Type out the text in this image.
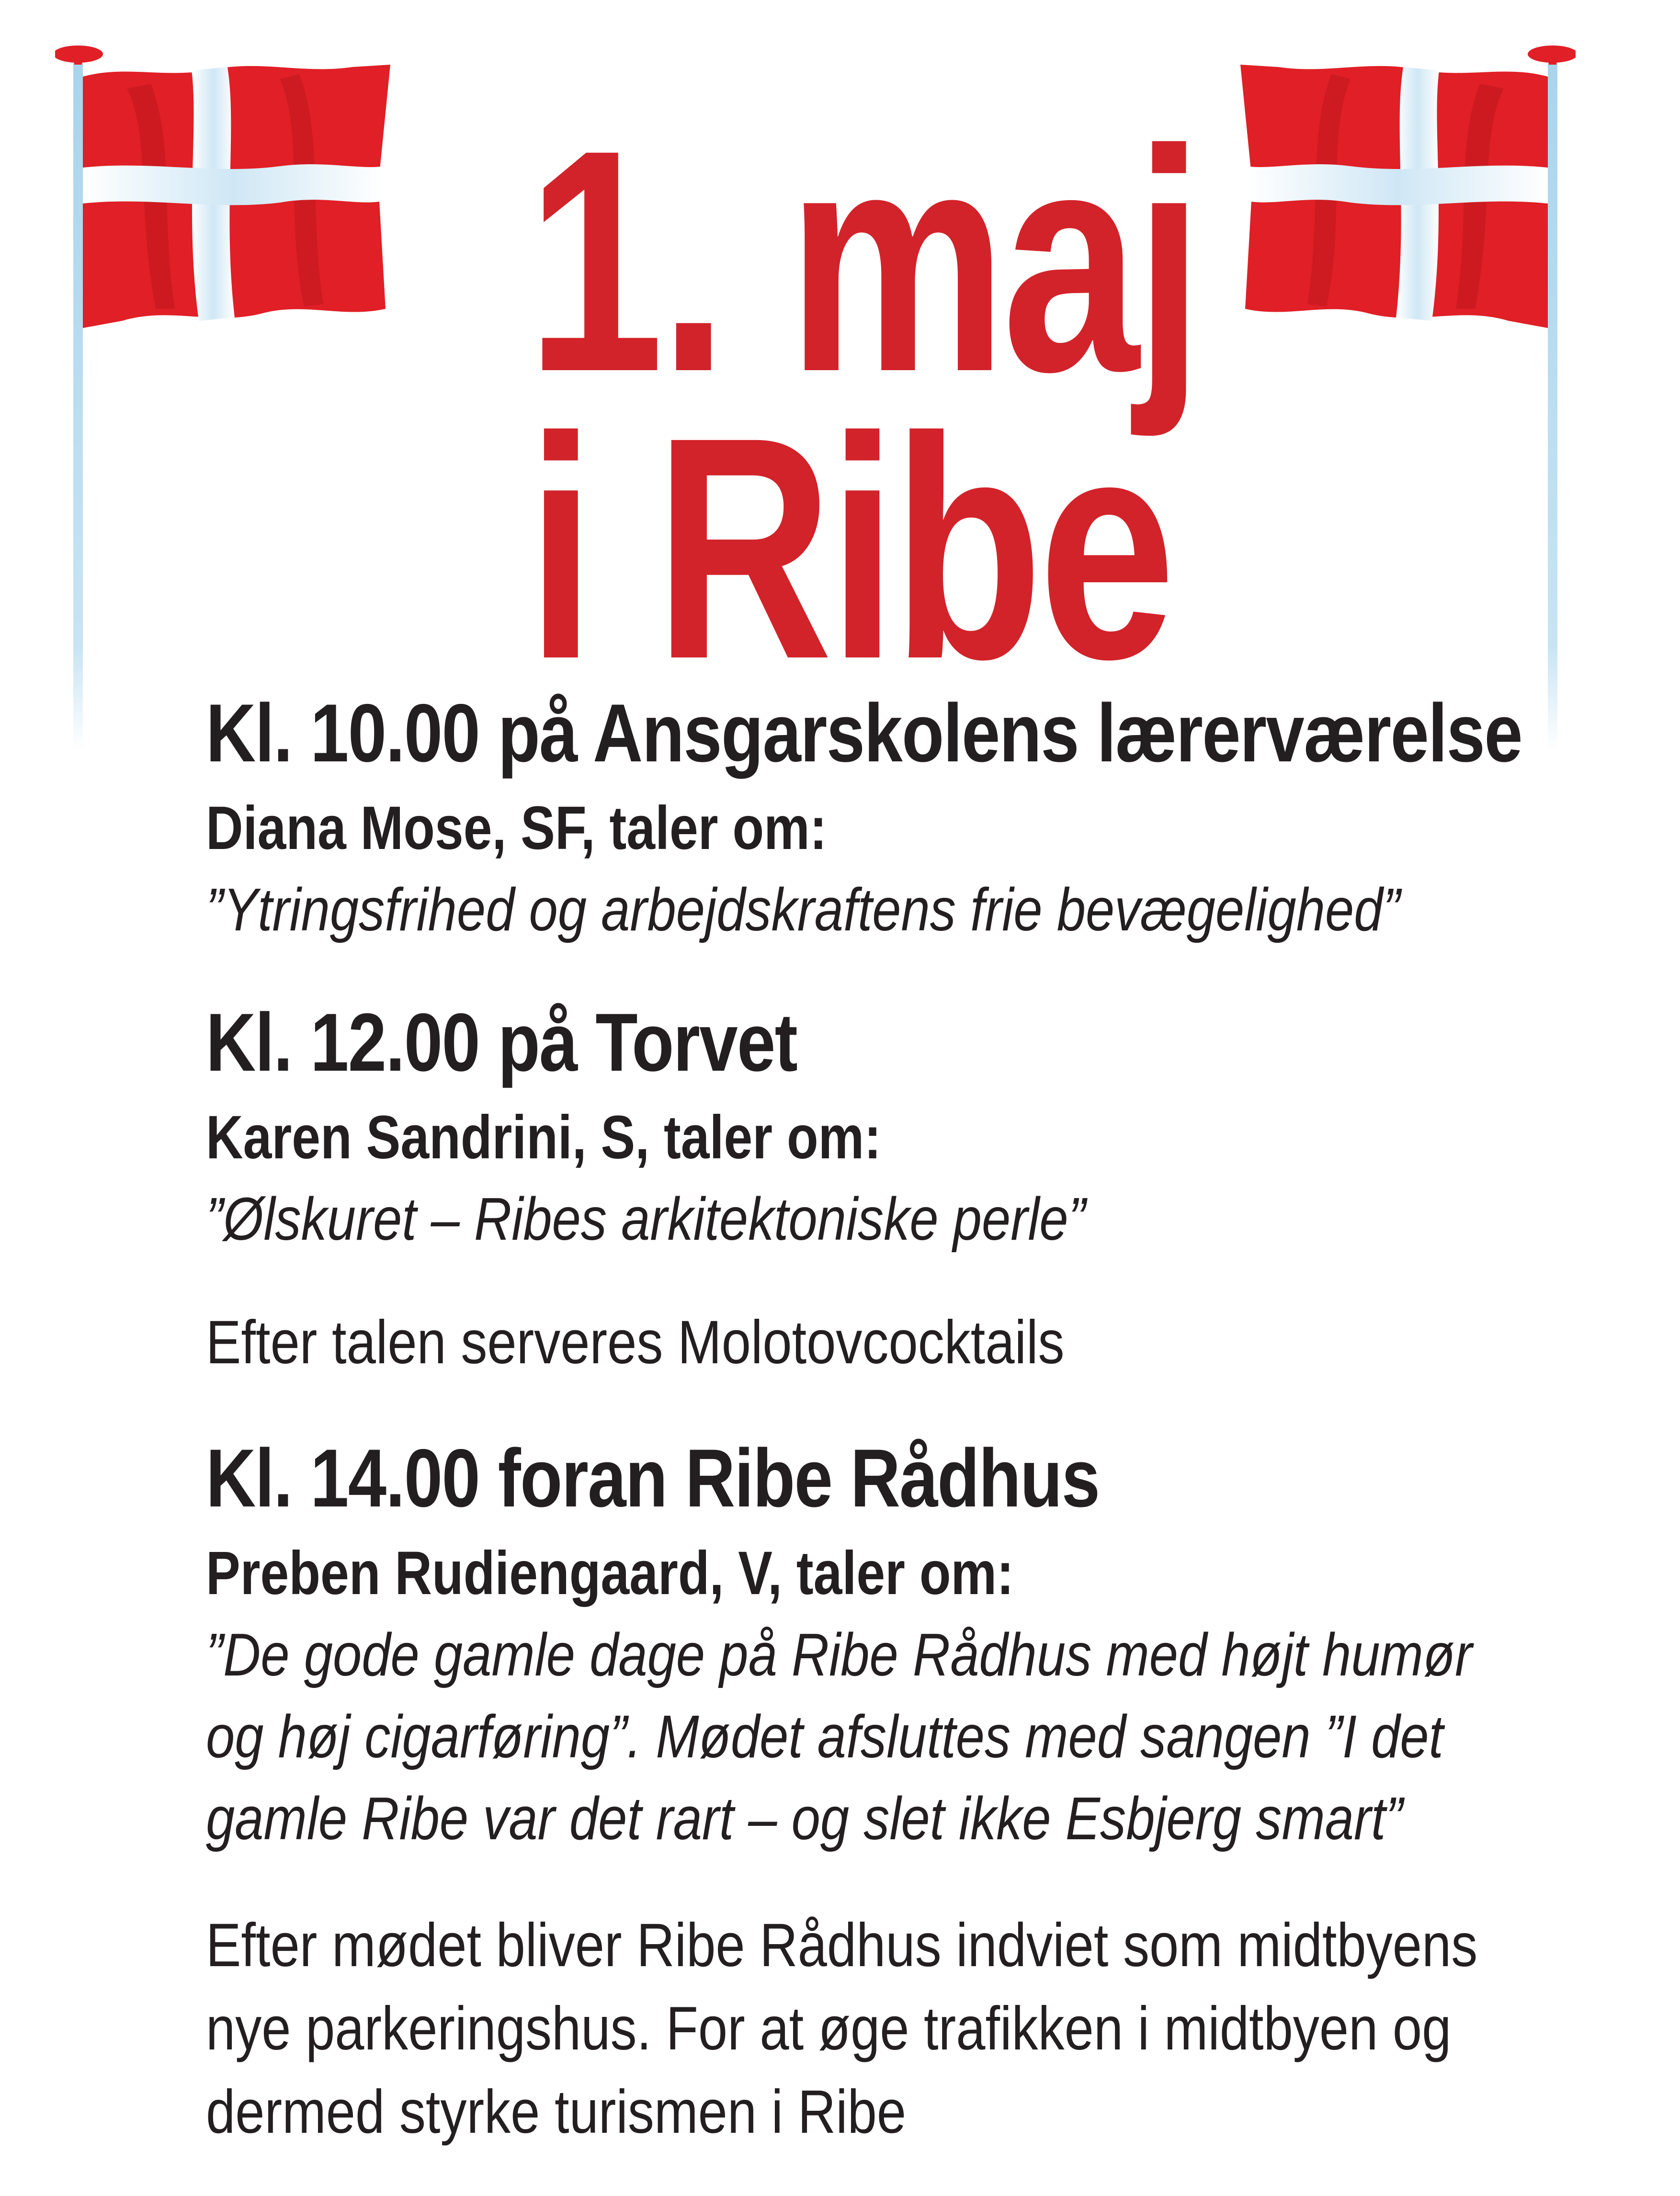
1. maj
i Ribe
Kl. 10.00 på Ansgarskolens lærerværelse

Diana Mose, SF, taler om:

”Ytringsfrihed og arbejdskraftens frie bevægelighed”

Kl. 12.00 på Torvet

Karen Sandrini, S, taler om:

”Ølskuret – Ribes arkitektoniske perle”

Efter talen serveres Molotovcocktails

Kl. 14.00 foran Ribe Rådhus

Preben Rudiengaard, V, taler om:

”De gode gamle dage på Ribe Rådhus med højt humør
og høj cigarføring”. Mødet afsluttes med sangen ”I det
gamle Ribe var det rart – og slet ikke Esbjerg smart”

Efter mødet bliver Ribe Rådhus indviet som midtbyens
nye parkeringshus. For at øge trafikken i midtbyen og
dermed styrke turismen i Ribe
